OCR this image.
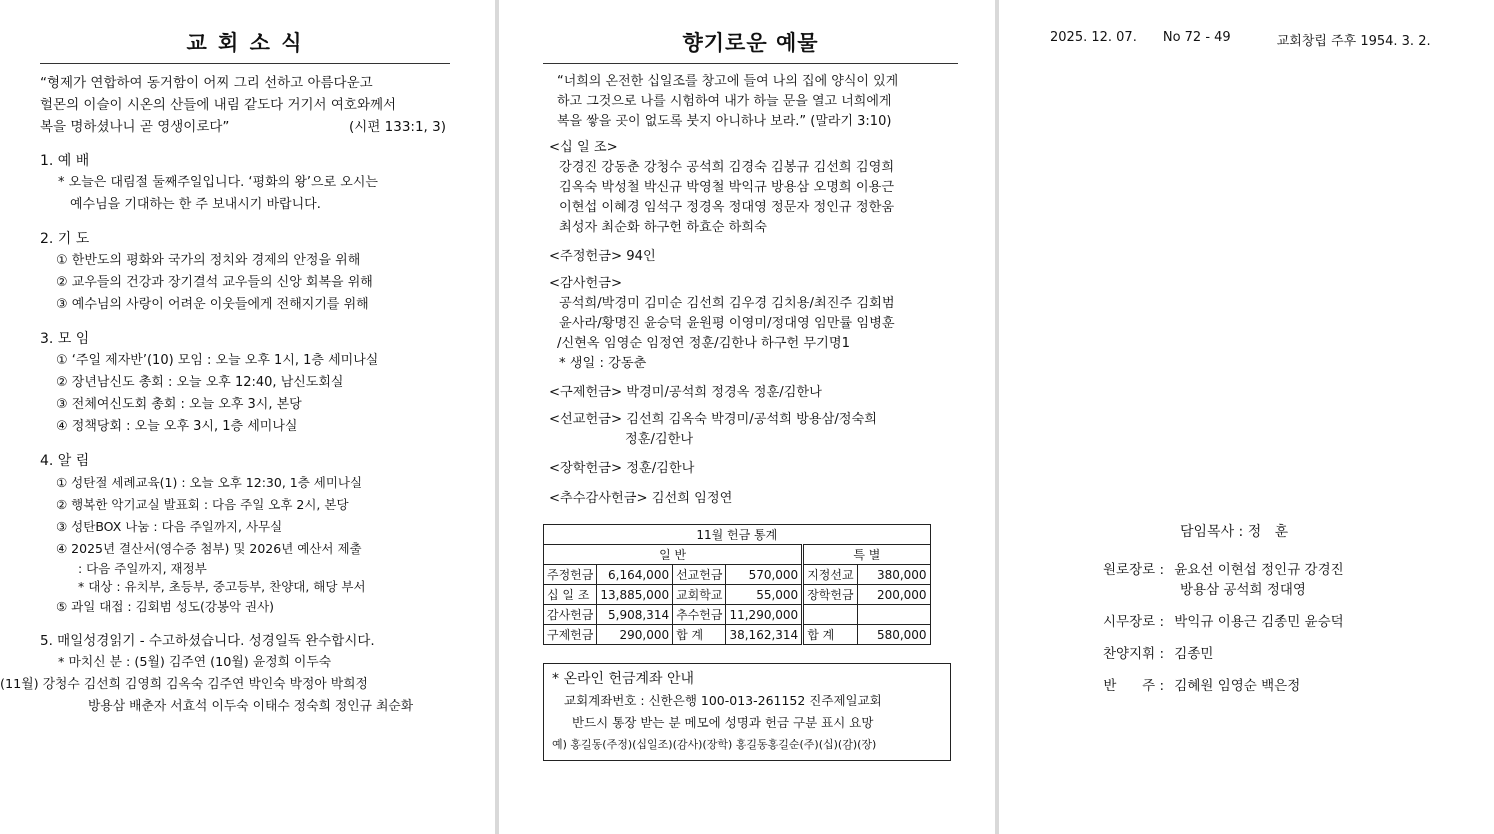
교 회 소 식
“형제가 연합하여 동거함이 어찌 그리 선하고 아름다운고
헐몬의 이슬이 시온의 산들에 내림 같도다 거기서 여호와께서
복을 명하셨나니 곧 영생이로다”	(시편 133:1, 3)
1. 예 배
* 오늘은 대림절 둘째주일입니다. ‘평화의 왕’으로 오시는
예수님을 기대하는 한 주 보내시기 바랍니다.
2. 기 도
① 한반도의 평화와 국가의 정치와 경제의 안정을 위해
② 교우들의 건강과 장기결석 교우들의 신앙 회복을 위해
③ 예수님의 사랑이 어려운 이웃들에게 전해지기를 위해
3. 모 임
① ‘주일 제자반’(10) 모임 : 오늘 오후 1시, 1층 세미나실
② 장년남신도 총회 : 오늘 오후 12:40, 남신도회실
③ 전체여신도회 총회 : 오늘 오후 3시, 본당
④ 정책당회 : 오늘 오후 3시, 1층 세미나실
4. 알 림
① 성탄절 세례교육(1) : 오늘 오후 12:30, 1층 세미나실
② 행복한 악기교실 발표회 : 다음 주일 오후 2시, 본당
③ 성탄BOX 나눔 : 다음 주일까지, 사무실
④ 2025년 결산서(영수증 첨부) 및 2026년 예산서 제출
: 다음 주일까지, 재정부
* 대상 : 유치부, 초등부, 중고등부, 찬양대, 해당 부서
⑤ 과일 대접 : 김회범 성도(강봉악 권사)
5. 매일성경읽기 - 수고하셨습니다. 성경일독 완수합시다.
* 마치신 분 : (5월) 김주연 (10월) 윤정희 이두숙
(11월) 강청수 김선희 김영희 김옥숙 김주연 박인숙 박정아 박희정
방용삼 배춘자 서효석 이두숙 이태수 정숙희 정인규 최순화
향기로운 예물
“너희의 온전한 십일조를 창고에 들여 나의 집에 양식이 있게
하고 그것으로 나를 시험하여 내가 하늘 문을 열고 너희에게
복을 쌓을 곳이 없도록 붓지 아니하나 보라.” (말라기 3:10)
<십 일 조>
강경진 강동춘 강청수 공석희 김경숙 김봉규 김선희 김영희
김옥숙 박성철 박신규 박영철 박익규 방용삼 오명희 이용근
이현섭 이혜경 임석구 정경옥 정대영 정문자 정인규 정한움
최성자 최순화 하구헌 하효순 하희숙
<주정헌금> 94인
<감사헌금>
공석희/박경미 김미순 김선희 김우경 김치용/최진주 김회범
윤사라/황명진 윤승덕 윤원평 이영미/정대영 임만률 임병훈
/신현옥 임영순 임정연 정훈/김한나 하구헌 무기명1
* 생일 : 강동춘
<구제헌금> 박경미/공석희 정경옥 정훈/김한나
<선교헌금> 김선희 김옥숙 박경미/공석희 방용삼/정숙희
정훈/김한나
<장학헌금> 정훈/김한나
<추수감사헌금> 김선희 임정연
11월 헌금 통계					
일 반				특 별	
주정헌금	6,164,000	선교헌금	570,000	지정선교	380,000
십 일 조	13,885,000	교회학교	55,000	장학헌금	200,000
감사헌금	5,908,314	추수헌금	11,290,000		
구제헌금	290,000	합 계	38,162,314	합 계	580,000
* 온라인 헌금계좌 안내
교회계좌번호 : 신한은행 100-013-261152 진주제일교회
반드시 통장 받는 분 메모에 성명과 헌금 구분 표시 요망
예) 홍길동(주정)(십일조)(감사)(장학) 홍길동홍길순(주)(십)(감)(장)
2025. 12. 07. No 72 - 49	교회창립 주후 1954. 3. 2.
담임목사 : 정   훈
원로장로 : 윤요선 이현섭 정인규 강경진
방용삼 공석희 정대영
시무장로 : 박익규 이용근 김종민 윤승덕
찬양지휘 : 김종민
반      주 : 김혜원 임영순 백은정
